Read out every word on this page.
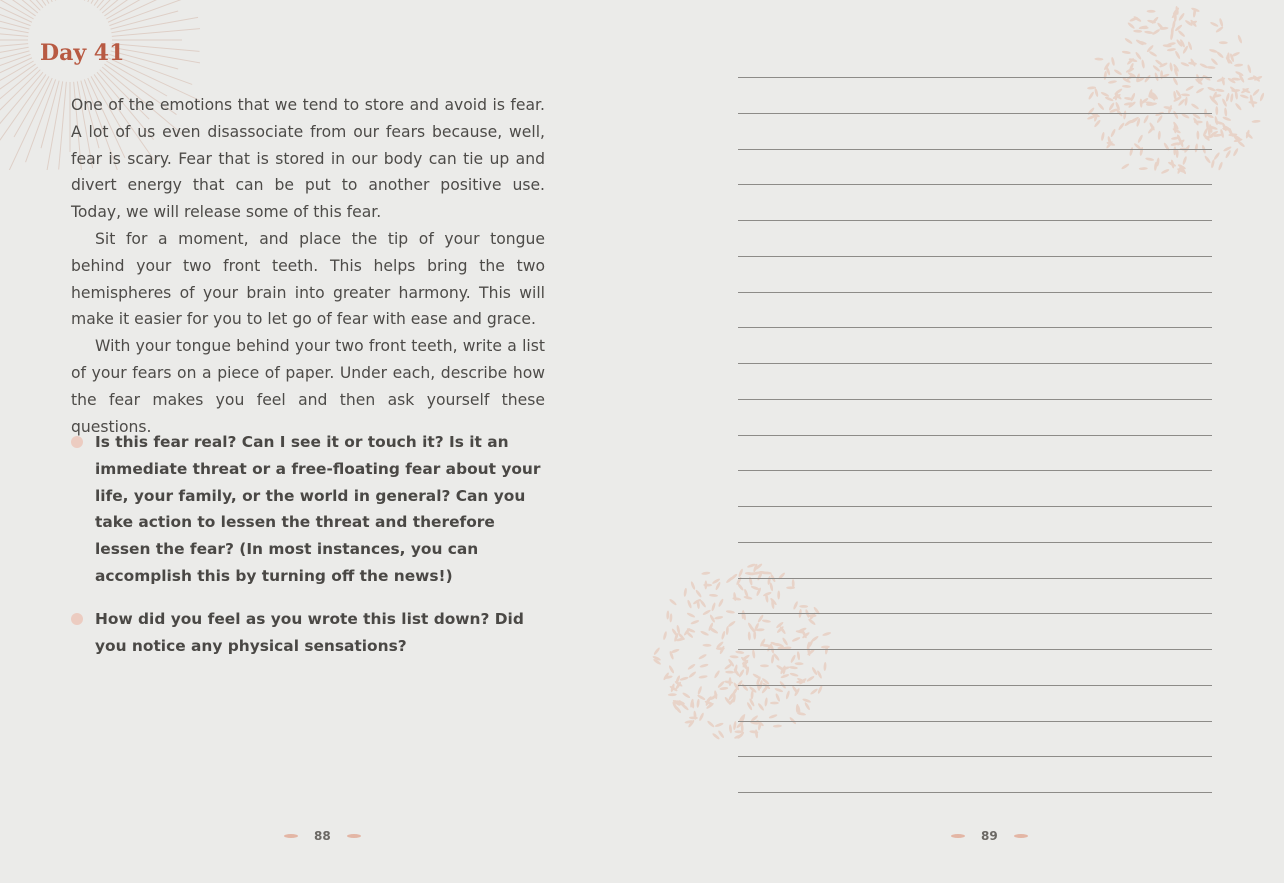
Day 41

One of the emotions that we tend to store and avoid is fear. A lot of us even disassociate from our fears because, well, fear is scary. Fear that is stored in our body can tie up and divert energy that can be put to another positive use. Today, we will release some of this fear.

Sit for a moment, and place the tip of your tongue behind your two front teeth. This helps bring the two hemispheres of your brain into greater harmony. This will make it easier for you to let go of fear with ease and grace.

With your tongue behind your two front teeth, write a list of your fears on a piece of paper. Under each, describe how the fear makes you feel and then ask yourself these questions.

Is this fear real? Can I see it or touch it? Is it an immediate threat or a free-floating fear about your life, your family, or the world in general? Can you take action to lessen the threat and therefore lessen the fear? (In most instances, you can accomplish this by turning off the news!)
How did you feel as you wrote this list down? Did you notice any physical sensations?
88	89
